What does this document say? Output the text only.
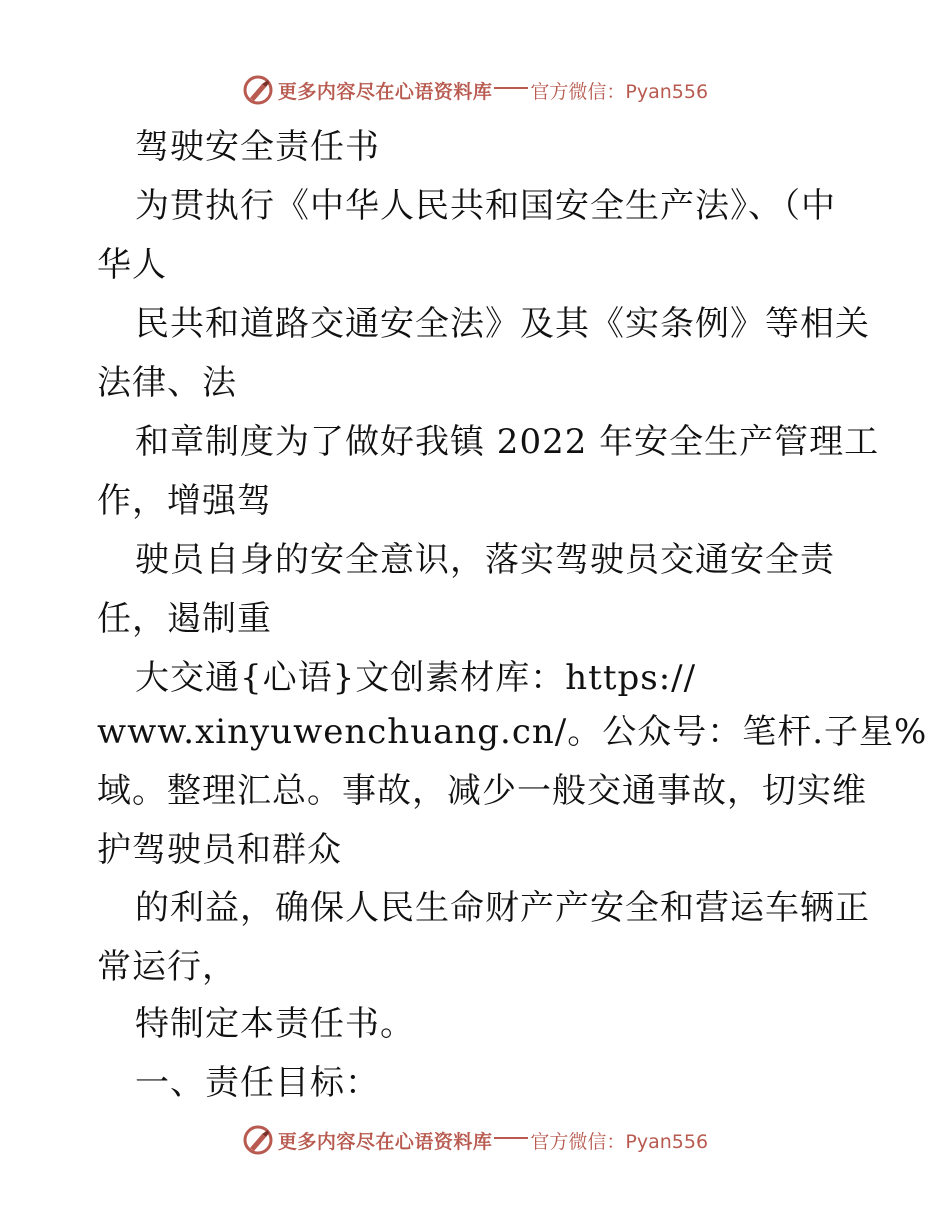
更多内容尽在心语资料库 官方微信：Pyan556
驾驶安全责任书
为贯执行《中华人民共和国安全生产法》、（中
华人
民共和道路交通安全法》及其《实条例》等相关
法律、法
和章制度为了做好我镇 2022 年安全生产管理工
作，增强驾
驶员自身的安全意识，落实驾驶员交通安全责
任，遏制重
大交通{心语}文创素材库：https://
www.xinyuwenchuang.cn/。公众号：笔杆.子星%
域。整理汇总。事故，减少一般交通事故，切实维
护驾驶员和群众
的利益，确保人民生命财产产安全和营运车辆正
常运行，
特制定本责任书。
一、责任目标：
更多内容尽在心语资料库 官方微信：Pyan556
